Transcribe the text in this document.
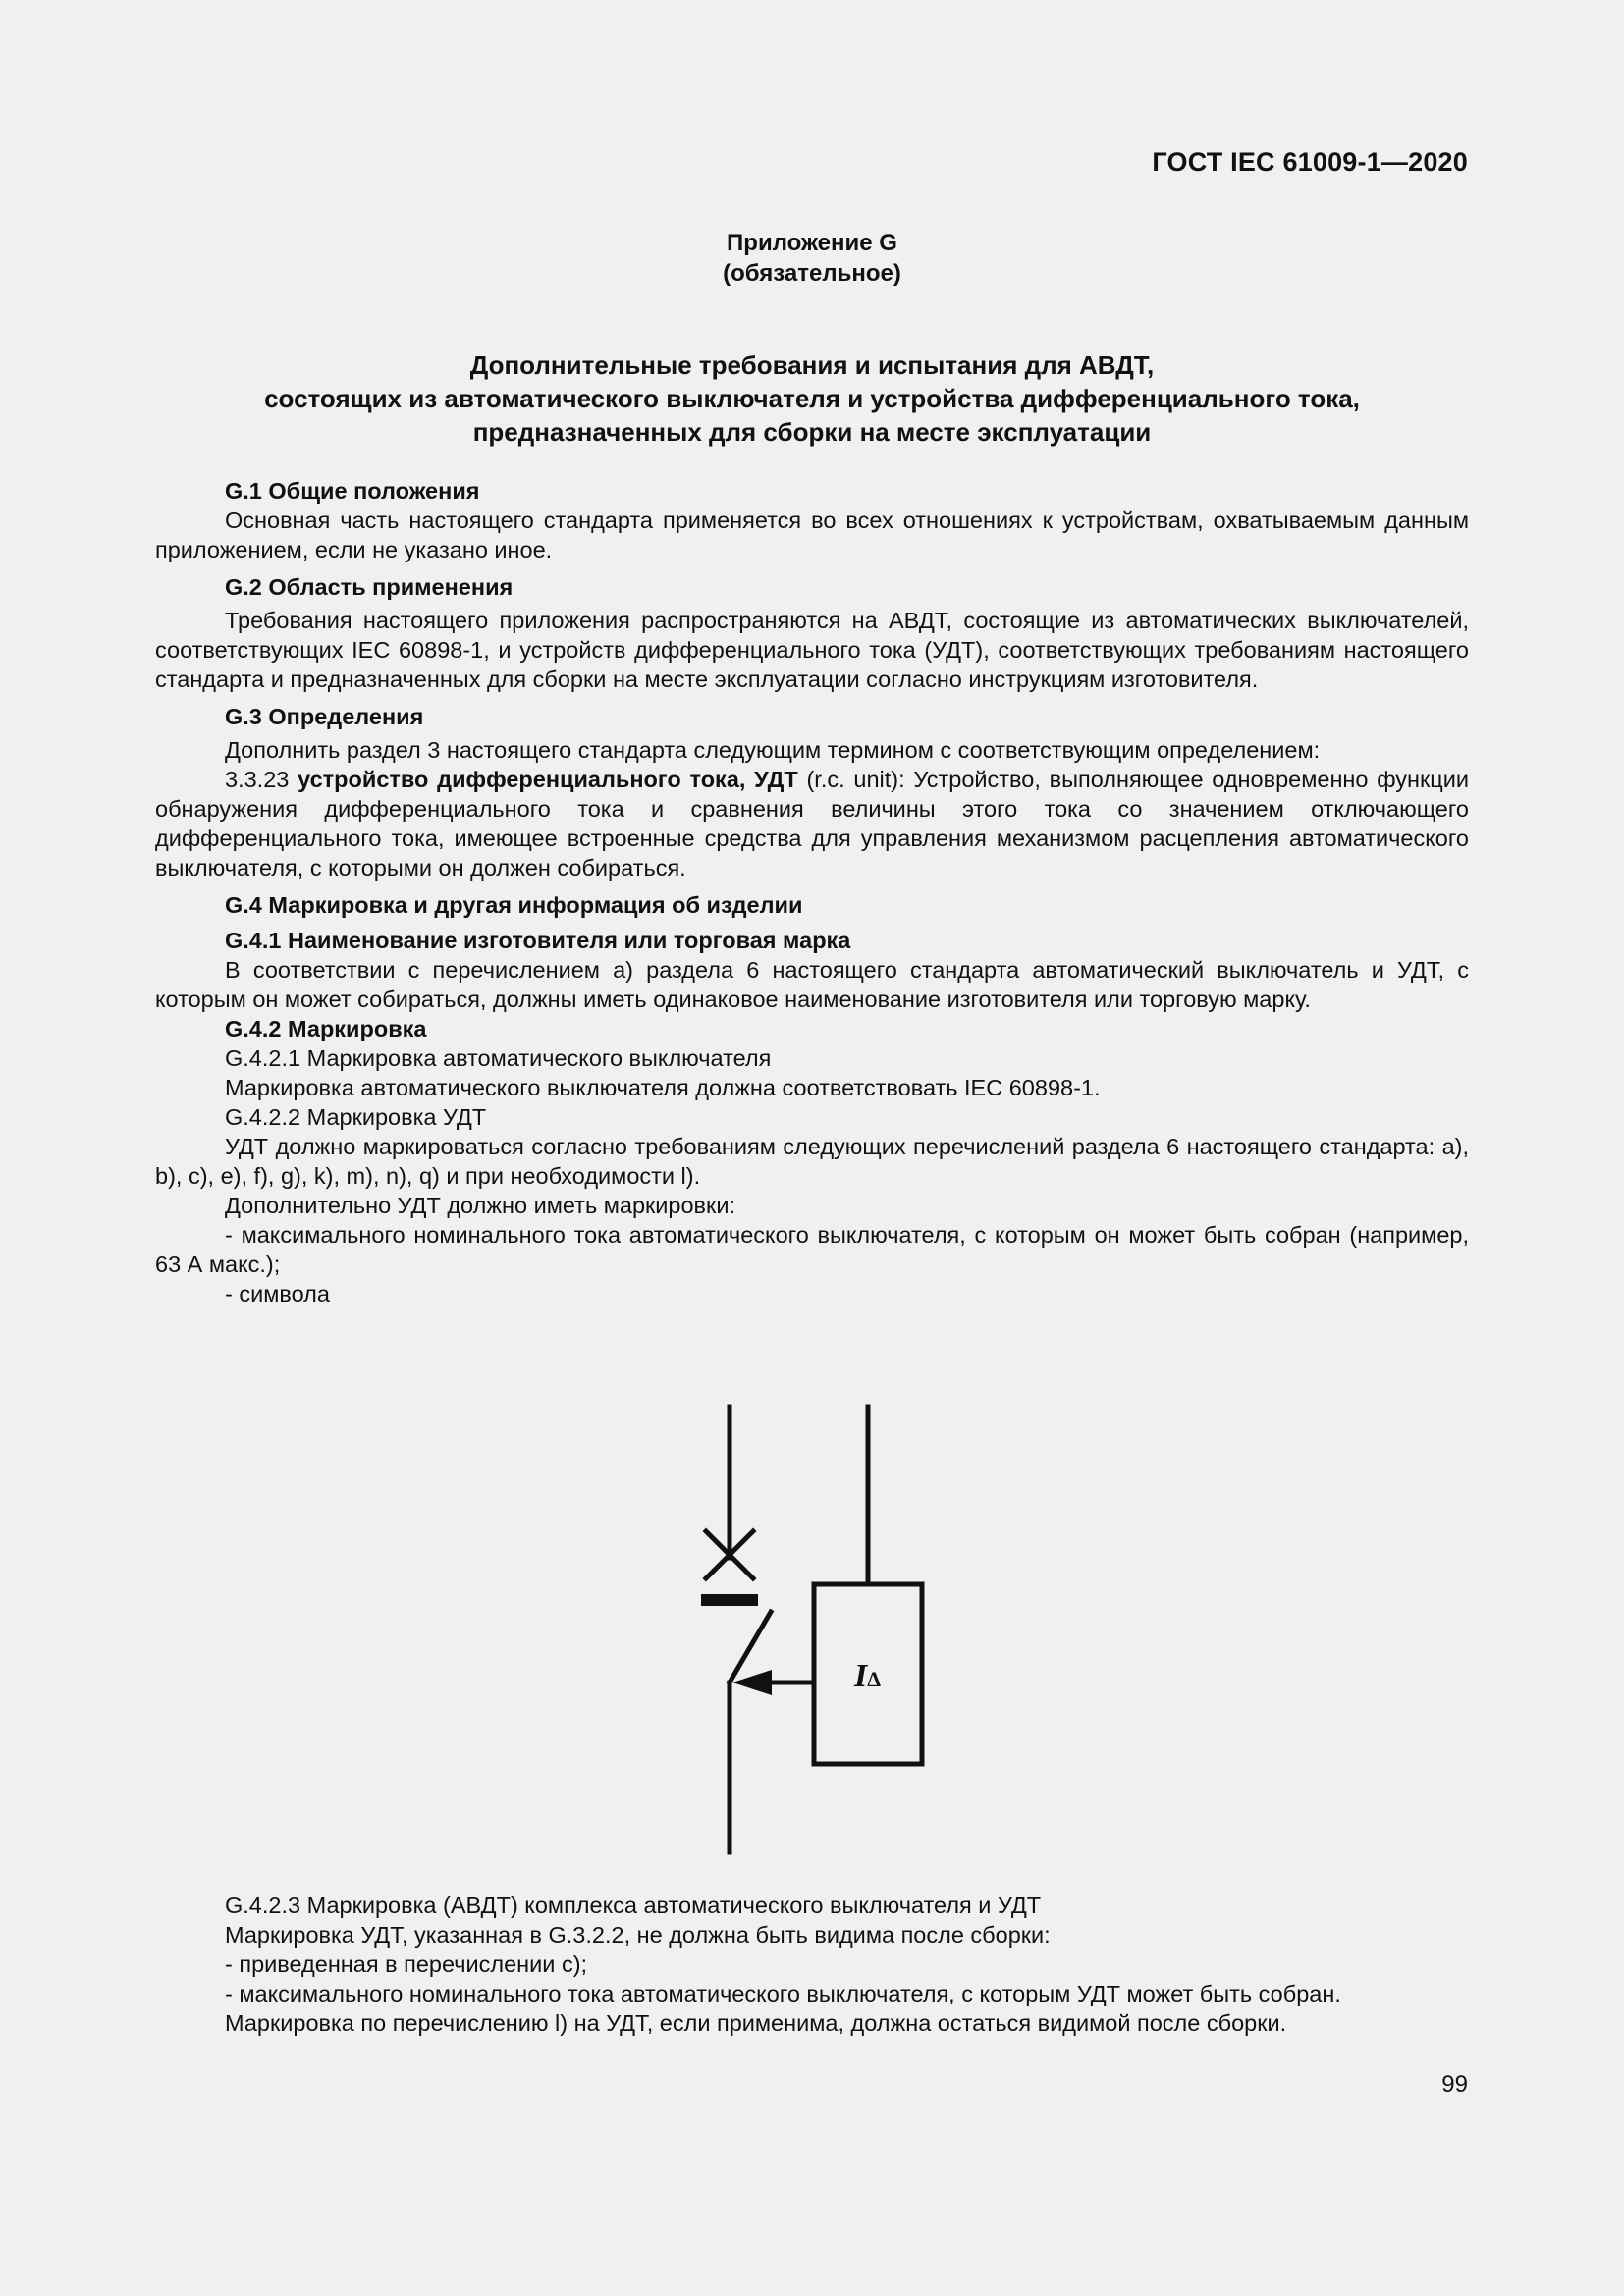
ГОСТ IEC 61009-1—2020
Приложение G
(обязательное)
Дополнительные требования и испытания для АВДТ,
состоящих из автоматического выключателя и устройства дифференциального тока,
предназначенных для сборки на месте эксплуатации

G.1 Общие положения

Основная часть настоящего стандарта применяется во всех отношениях к устройствам, охватываемым данным приложением, если не указано иное.

G.2 Область применения

Требования настоящего приложения распространяются на АВДТ, состоящие из автоматических выключателей, соответствующих IEC 60898-1, и устройств дифференциального тока (УДТ), соответствующих требованиям настоящего стандарта и предназначенных для сборки на месте эксплуатации согласно инструкциям изготовителя.

G.3 Определения

Дополнить раздел 3 настоящего стандарта следующим термином с соответствующим определением:

3.3.23 устройство дифференциального тока, УДТ (r.c. unit): Устройство, выполняющее одновременно функции обнаружения дифференциального тока и сравнения величины этого тока со значением отключающего дифференциального тока, имеющее встроенные средства для управления механизмом расцепления автоматического выключателя, с которыми он должен собираться.

G.4 Маркировка и другая информация об изделии

G.4.1 Наименование изготовителя или торговая марка

В соответствии с перечислением а) раздела 6 настоящего стандарта автоматический выключатель и УДТ, с которым он может собираться, должны иметь одинаковое наименование изготовителя или торговую марку.

G.4.2 Маркировка

G.4.2.1 Маркировка автоматического выключателя

Маркировка автоматического выключателя должна соответствовать IEC 60898-1.

G.4.2.2 Маркировка УДТ

УДТ должно маркироваться согласно требованиям следующих перечислений раздела 6 настоящего стандарта: a), b), c), e), f), g), k), m), n), q) и при необходимости l).

Дополнительно УДТ должно иметь маркировки:

- максимального номинального тока автоматического выключателя, с которым он может быть собран (например, 63 А макс.);

- символа

IΔ

G.4.2.3 Маркировка (АВДТ) комплекса автоматического выключателя и УДТ

Маркировка УДТ, указанная в G.3.2.2, не должна быть видима после сборки:

- приведенная в перечислении c);

- максимального номинального тока автоматического выключателя, с которым УДТ может быть собран.

Маркировка по перечислению l) на УДТ, если применима, должна остаться видимой после сборки.

99
